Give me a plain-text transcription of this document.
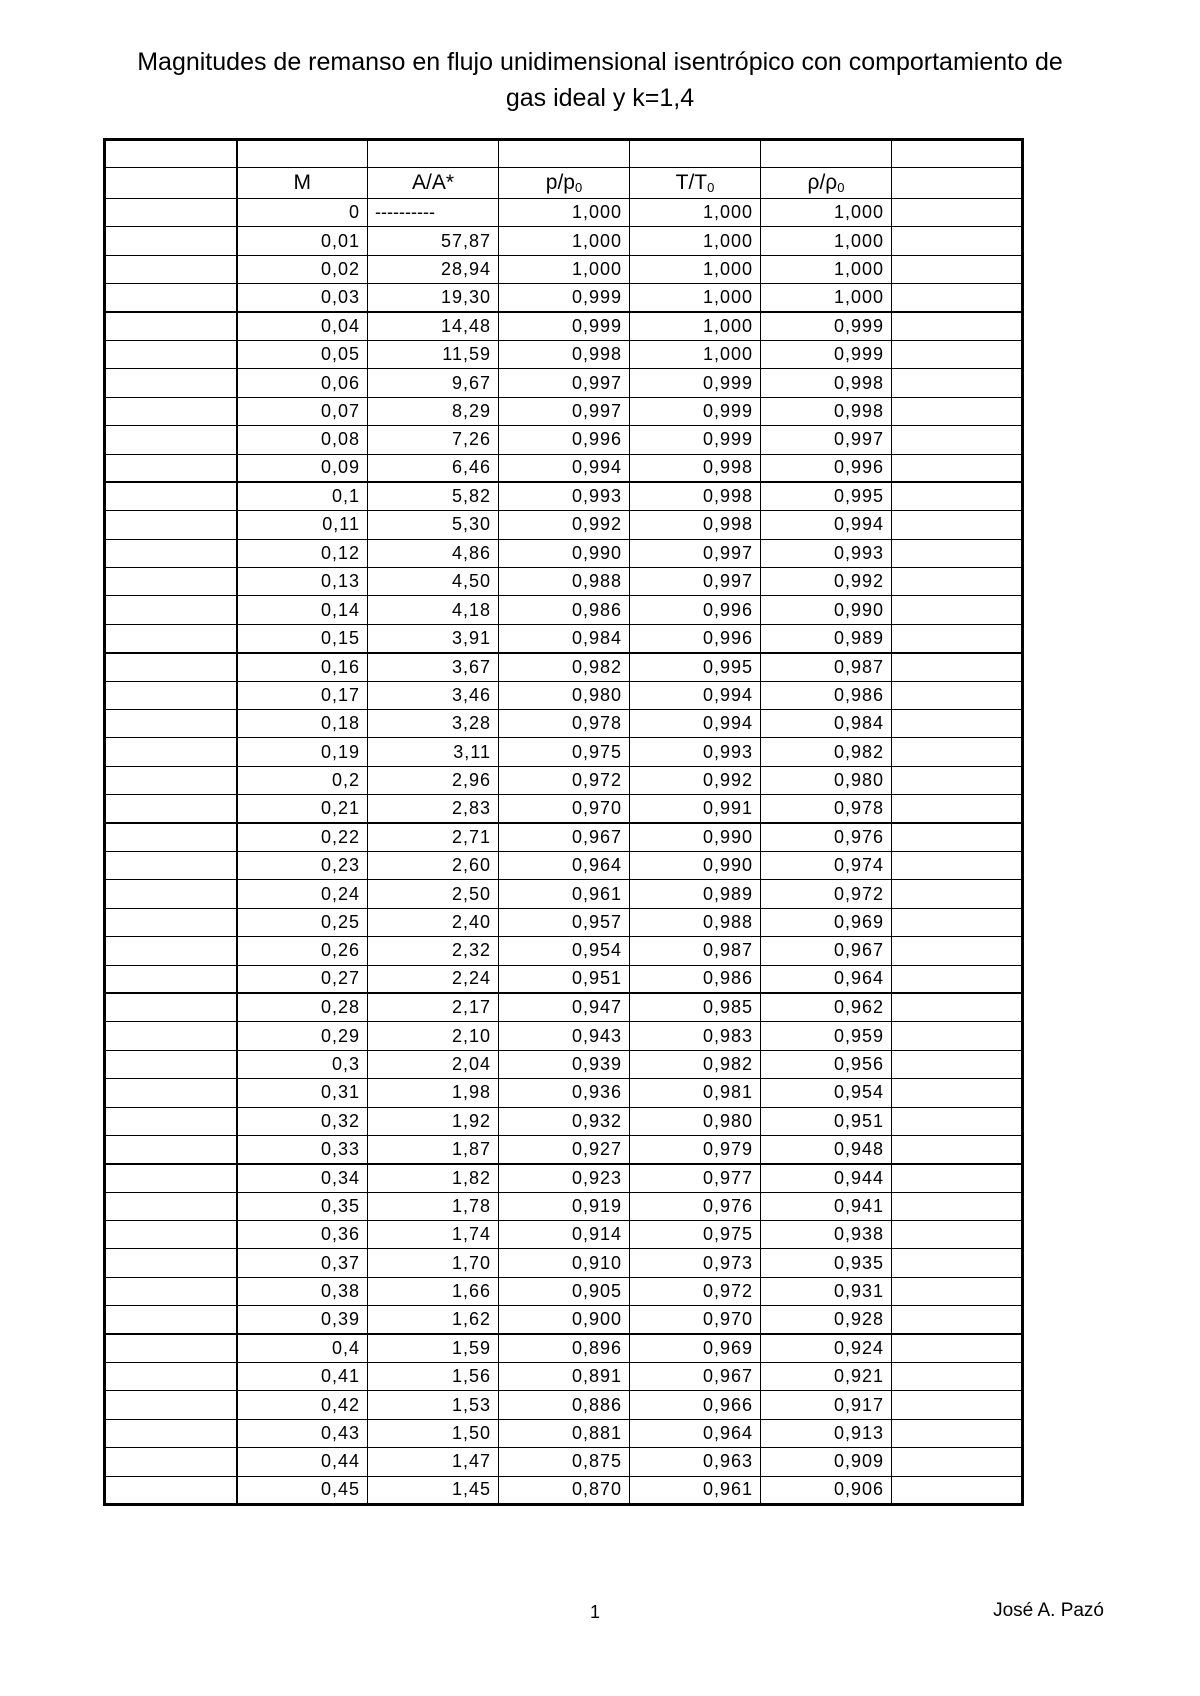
Magnitudes de remanso en flujo unidimensional isentrópico con comportamiento de
gas ideal y k=1,4

	M	A/A*	$p/p_0$	$T/T_0$	$\rho/\rho_0$	
	0	----------	1,000	1,000	1,000	
	0,01	57,87	1,000	1,000	1,000	
	0,02	28,94	1,000	1,000	1,000	
	0,03	19,30	0,999	1,000	1,000	
	0,04	14,48	0,999	1,000	0,999	
	0,05	11,59	0,998	1,000	0,999	
	0,06	9,67	0,997	0,999	0,998	
	0,07	8,29	0,997	0,999	0,998	
	0,08	7,26	0,996	0,999	0,997	
	0,09	6,46	0,994	0,998	0,996	
	0,1	5,82	0,993	0,998	0,995	
	0,11	5,30	0,992	0,998	0,994	
	0,12	4,86	0,990	0,997	0,993	
	0,13	4,50	0,988	0,997	0,992	
	0,14	4,18	0,986	0,996	0,990	
	0,15	3,91	0,984	0,996	0,989	
	0,16	3,67	0,982	0,995	0,987	
	0,17	3,46	0,980	0,994	0,986	
	0,18	3,28	0,978	0,994	0,984	
	0,19	3,11	0,975	0,993	0,982	
	0,2	2,96	0,972	0,992	0,980	
	0,21	2,83	0,970	0,991	0,978	
	0,22	2,71	0,967	0,990	0,976	
	0,23	2,60	0,964	0,990	0,974	
	0,24	2,50	0,961	0,989	0,972	
	0,25	2,40	0,957	0,988	0,969	
	0,26	2,32	0,954	0,987	0,967	
	0,27	2,24	0,951	0,986	0,964	
	0,28	2,17	0,947	0,985	0,962	
	0,29	2,10	0,943	0,983	0,959	
	0,3	2,04	0,939	0,982	0,956	
	0,31	1,98	0,936	0,981	0,954	
	0,32	1,92	0,932	0,980	0,951	
	0,33	1,87	0,927	0,979	0,948	
	0,34	1,82	0,923	0,977	0,944	
	0,35	1,78	0,919	0,976	0,941	
	0,36	1,74	0,914	0,975	0,938	
	0,37	1,70	0,910	0,973	0,935	
	0,38	1,66	0,905	0,972	0,931	
	0,39	1,62	0,900	0,970	0,928	
	0,4	1,59	0,896	0,969	0,924	
	0,41	1,56	0,891	0,967	0,921	
	0,42	1,53	0,886	0,966	0,917	
	0,43	1,50	0,881	0,964	0,913	
	0,44	1,47	0,875	0,963	0,909	
	0,45	1,45	0,870	0,961	0,906	
1	José A. Pazó
